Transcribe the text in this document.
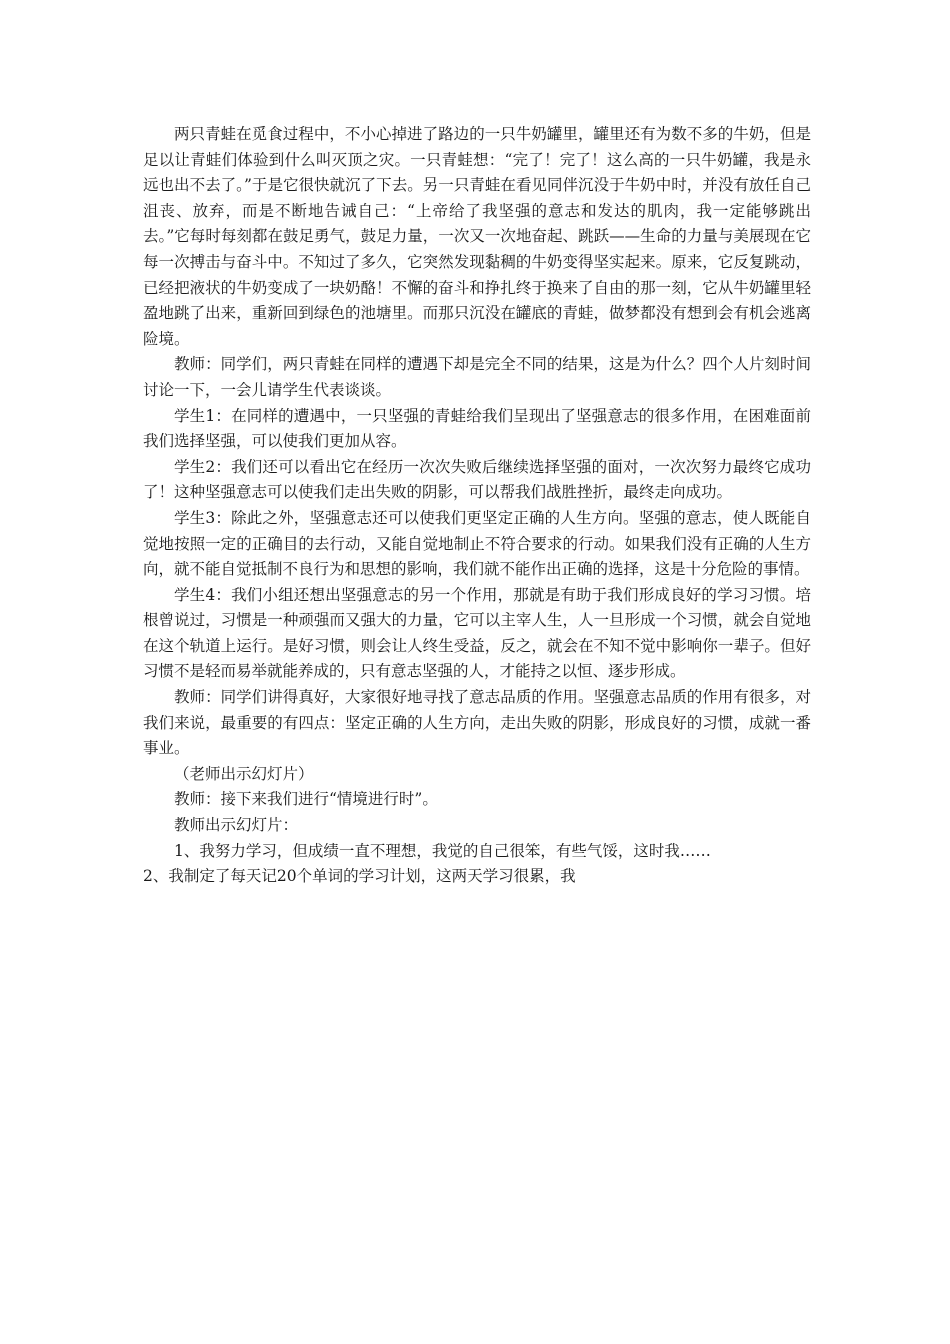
两只青蛙在觅食过程中，不小心掉进了路边的一只牛奶罐里，罐里还有为数不多的牛奶，但是足以让青蛙们体验到什么叫灭顶之灾。一只青蛙想：“完了！完了！这么高的一只牛奶罐，我是永远也出不去了。”于是它很快就沉了下去。另一只青蛙在看见同伴沉没于牛奶中时，并没有放任自己沮丧、放弃，而是不断地告诫自己：“上帝给了我坚强的意志和发达的肌肉，我一定能够跳出去。”它每时每刻都在鼓足勇气，鼓足力量，一次又一次地奋起、跳跃——生命的力量与美展现在它每一次搏击与奋斗中。不知过了多久，它突然发现黏稠的牛奶变得坚实起来。原来，它反复跳动，已经把液状的牛奶变成了一块奶酪！不懈的奋斗和挣扎终于换来了自由的那一刻，它从牛奶罐里轻盈地跳了出来，重新回到绿色的池塘里。而那只沉没在罐底的青蛙，做梦都没有想到会有机会逃离险境。

教师：同学们，两只青蛙在同样的遭遇下却是完全不同的结果，这是为什么？四个人片刻时间讨论一下，一会儿请学生代表谈谈。

学生1：在同样的遭遇中，一只坚强的青蛙给我们呈现出了坚强意志的很多作用，在困难面前我们选择坚强，可以使我们更加从容。

学生2：我们还可以看出它在经历一次次失败后继续选择坚强的面对，一次次努力最终它成功了！这种坚强意志可以使我们走出失败的阴影，可以帮我们战胜挫折，最终走向成功。

学生3：除此之外，坚强意志还可以使我们更坚定正确的人生方向。坚强的意志，使人既能自觉地按照一定的正确目的去行动，又能自觉地制止不符合要求的行动。如果我们没有正确的人生方向，就不能自觉抵制不良行为和思想的影响，我们就不能作出正确的选择，这是十分危险的事情。

学生4：我们小组还想出坚强意志的另一个作用，那就是有助于我们形成良好的学习习惯。培根曾说过，习惯是一种顽强而又强大的力量，它可以主宰人生，人一旦形成一个习惯，就会自觉地在这个轨道上运行。是好习惯，则会让人终生受益，反之，就会在不知不觉中影响你一辈子。但好习惯不是轻而易举就能养成的，只有意志坚强的人，才能持之以恒、逐步形成。

教师：同学们讲得真好，大家很好地寻找了意志品质的作用。坚强意志品质的作用有很多，对我们来说，最重要的有四点：坚定正确的人生方向，走出失败的阴影，形成良好的习惯，成就一番事业。

（老师出示幻灯片）

教师：接下来我们进行“情境进行时”。

教师出示幻灯片：

1、我努力学习，但成绩一直不理想，我觉的自己很笨，有些气馁，这时我……

2、我制定了每天记20个单词的学习计划，这两天学习很累，我
